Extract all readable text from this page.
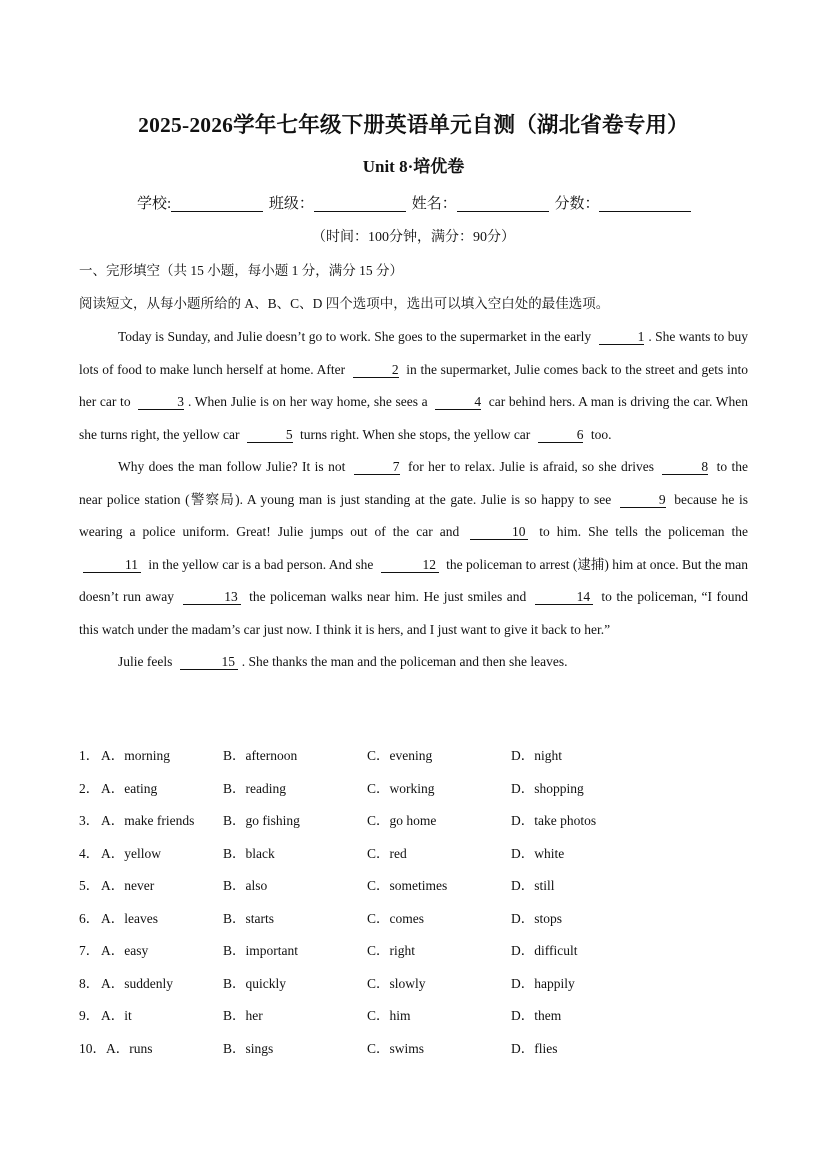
2025-2026学年七年级下册英语单元自测（湖北省卷专用）
Unit 8·培优卷
学校:	班级：	姓名：	分数：
（时间：100分钟，满分：90分）
一、完形填空（共 15 小题，每小题 1 分，满分 15 分）
阅读短文，从每小题所给的 A、B、C、D 四个选项中，选出可以填入空白处的最佳选项。

Today is Sunday, and Julie doesn’t go to work. She goes to the supermarket in the early	1 . She wants to buy lots of food to make lunch herself at home. After	2 in the supermarket, Julie comes back to the street and gets into her car to	3 . When Julie is on her way home, she sees a	4 car behind hers. A man is driving the car. When she turns right, the yellow car	5 turns right. When she stops, the yellow car	6 too.

Why does the man follow Julie? It is not	7 for her to relax. Julie is afraid, so she drives	8 to the near police station (警察局). A young man is just standing at the gate. Julie is so happy to see	9 because he is wearing a police uniform. Great! Julie jumps out of the car and	10 to him. She tells the policeman the 11 in the yellow car is a bad person. And she	12 the policeman to arrest (逮捕) him at once. But the man doesn’t run away	13 the policeman walks near him. He just smiles and	14 to the policeman, “I found this watch under the madam’s car just now. I think it is hers, and I just want to give it back to her.”

Julie feels	15 . She thanks the man and the policeman and then she leaves.

1． A．morning	B．afternoon	C．evening	D．night
2． A．eating	B．reading	C．working	D．shopping
3． A．make friends B．go fishing	C．go home	D．take photos
4． A．yellow	B．black	C．red	D．white
5． A．never	B．also	C．sometimes	D．still
6． A．leaves	B．starts	C．comes	D．stops
7． A．easy	B．important	C．right	D．difficult
8． A．suddenly	B．quickly	C．slowly	D．happily
9． A．it	B．her	C．him	D．them
10． A．runs	B．sings	C．swims	D．flies
